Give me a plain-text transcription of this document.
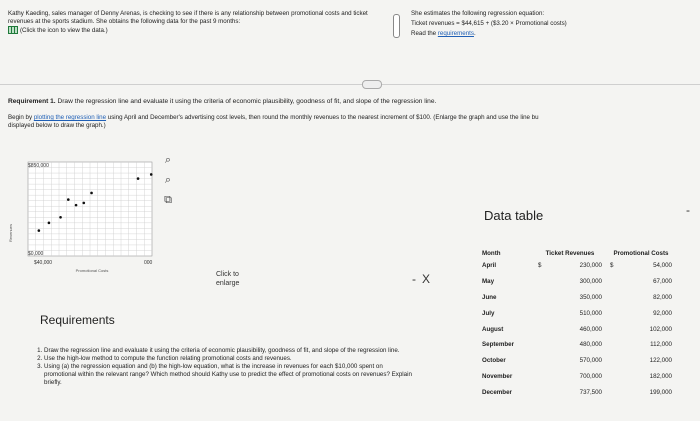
Kathy Kaeding, sales manager of Denny Arenas, is checking to see if there is any relationship between promotional costs and ticket revenues at the sports stadium. She obtains the following data for the past 9 months:
(Click the icon to view the data.)
She estimates the following regression equation:
Ticket revenues = $44,615 + ($3.20 × Promotional costs)
Read the requirements.
Requirement 1. Draw the regression line and evaluate it using the criteria of economic plausibility, goodness of fit, and slope of the regression line.
Begin by plotting the regression line using April and December's advertising cost levels, then round the monthly revenues to the nearest increment of $100. (Enlarge the graph and use the line bu
displayed below to draw the graph.)
Revenues
$850,000
$0,000
$40,000	000
Promotional Costs
⌕
⌕
⧉
Click to enlarge	-X
Requirements
1. Draw the regression line and evaluate it using the criteria of economic plausibility, goodness of fit, and slope of the regression line.
2. Use the high-low method to compute the function relating promotional costs and revenues.
3. Using (a) the regression equation and (b) the high-low equation, what is the increase in revenues for each $10,000 spent on promotional within the relevant range? Which method should Kathy use to predict the effect of promotional costs on revenues? Explain briefly.
Data table	-
Month	Ticket Revenues		Promotional Costs	
April	$	230,000	$	54,000
May		300,000		67,000
June		350,000		82,000
July		510,000		92,000
August		460,000		102,000
September		480,000		112,000
October		570,000		122,000
November		700,000		182,000
December		737,500		199,000
